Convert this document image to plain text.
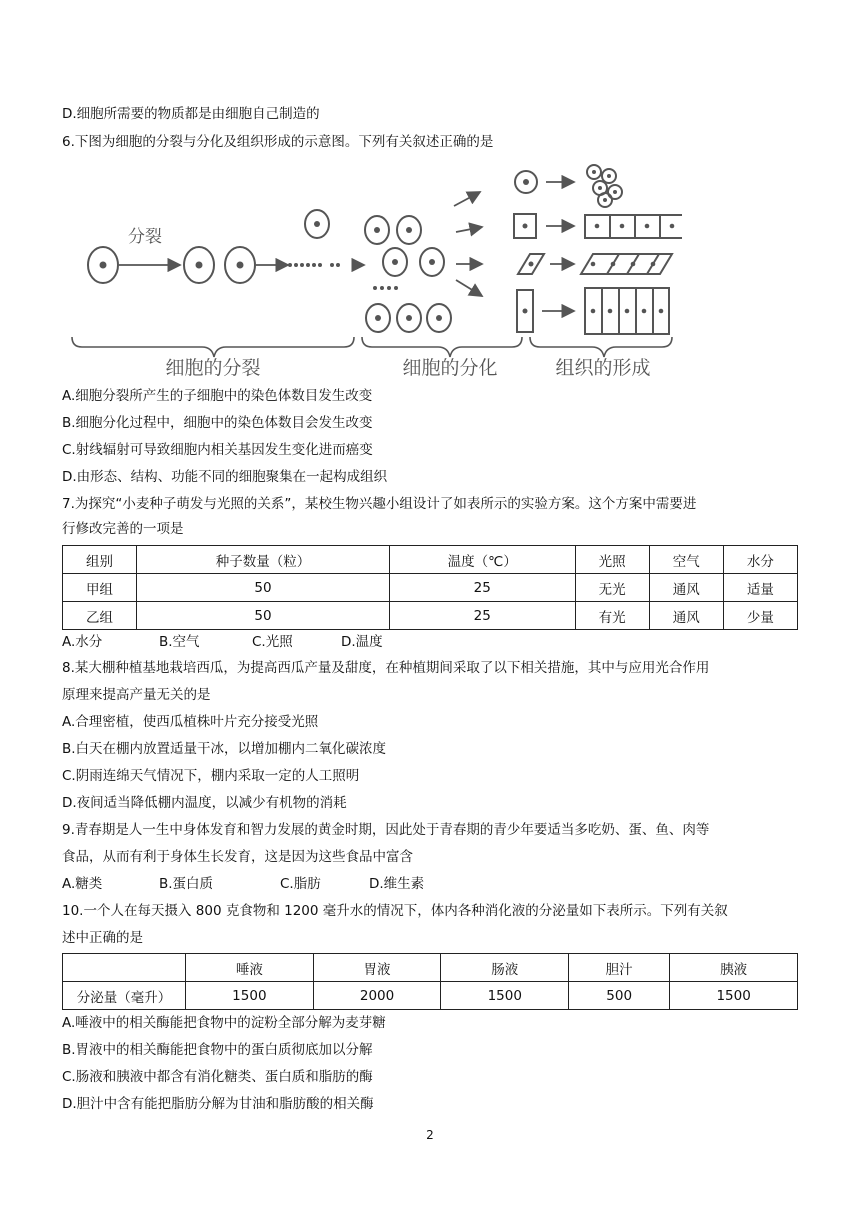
D.细胞所需要的物质都是由细胞自己制造的
6.下图为细胞的分裂与分化及组织形成的示意图。下列有关叙述正确的是
分裂
细胞的分裂	细胞的分化	组织的形成
A.细胞分裂所产生的子细胞中的染色体数目发生改变
B.细胞分化过程中，细胞中的染色体数目会发生改变
C.射线辐射可导致细胞内相关基因发生变化进而癌变
D.由形态、结构、功能不同的细胞聚集在一起构成组织
7.为探究“小麦种子萌发与光照的关系”，某校生物兴趣小组设计了如表所示的实验方案。这个方案中需要进
行修改完善的一项是
组别	种子数量（粒）	温度（℃）	光照	空气	水分
甲组	50	25	无光	通风	适量
乙组	50	25	有光	通风	少量
A.水分	B.空气	C.光照	D.温度
8.某大棚种植基地栽培西瓜，为提高西瓜产量及甜度，在种植期间采取了以下相关措施，其中与应用光合作用
原理来提高产量无关的是
A.合理密植，使西瓜植株叶片充分接受光照
B.白天在棚内放置适量干冰，以增加棚内二氧化碳浓度
C.阴雨连绵天气情况下，棚内采取一定的人工照明
D.夜间适当降低棚内温度，以减少有机物的消耗
9.青春期是人一生中身体发育和智力发展的黄金时期，因此处于青春期的青少年要适当多吃奶、蛋、鱼、肉等
食品，从而有利于身体生长发育，这是因为这些食品中富含
A.糖类	B.蛋白质	C.脂肪	D.维生素
10.一个人在每天摄入 800 克食物和 1200 毫升水的情况下，体内各种消化液的分泌量如下表所示。下列有关叙
述中正确的是
	唾液	胃液	肠液	胆汁	胰液
分泌量（毫升）	1500	2000	1500	500	1500
A.唾液中的相关酶能把食物中的淀粉全部分解为麦芽糖
B.胃液中的相关酶能把食物中的蛋白质彻底加以分解
C.肠液和胰液中都含有消化糖类、蛋白质和脂肪的酶
D.胆汁中含有能把脂肪分解为甘油和脂肪酸的相关酶
2
